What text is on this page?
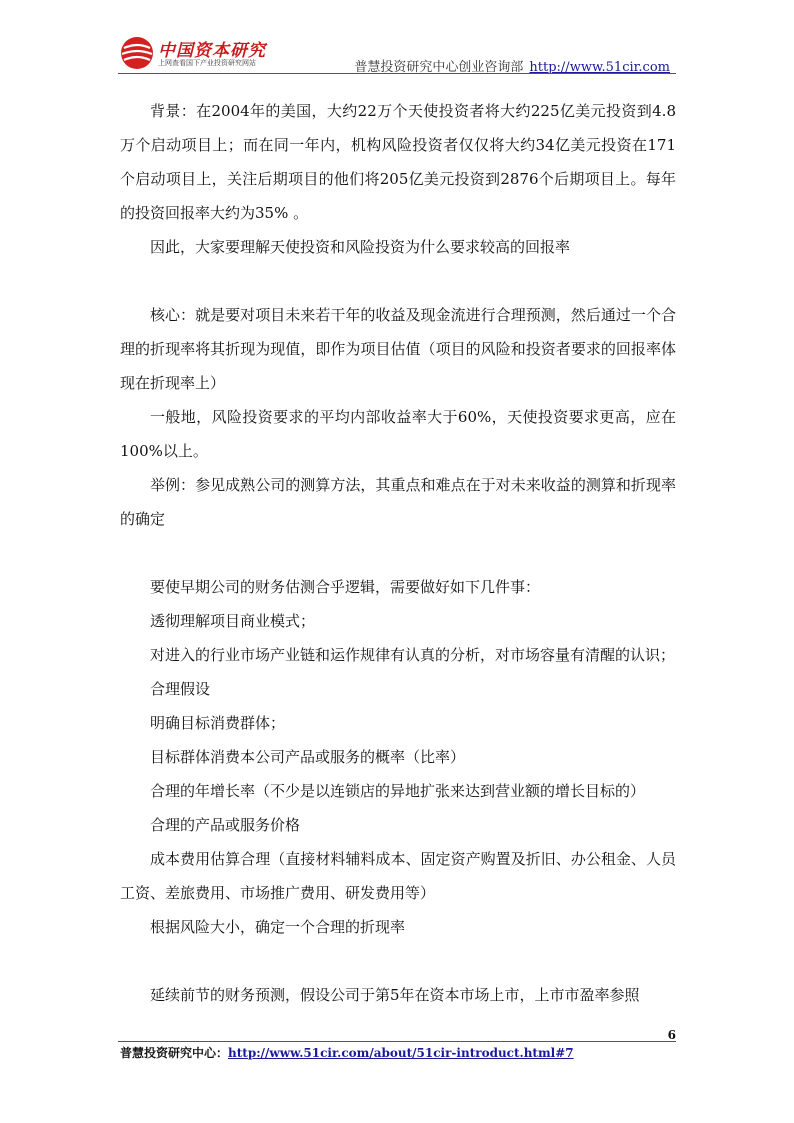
中国资本研究
上网查看国下产业投资研究网站	普慧投资研究中心创业咨询部 http://www.51cir.com

背景：在2004年的美国，大约22万个天使投资者将大约225亿美元投资到4.8万个启动项目上；而在同一年内，机构风险投资者仅仅将大约34亿美元投资在171个启动项目上，关注后期项目的他们将205亿美元投资到2876个后期项目上。每年的投资回报率大约为35% 。

因此，大家要理解天使投资和风险投资为什么要求较高的回报率

核心：就是要对项目未来若干年的收益及现金流进行合理预测，然后通过一个合理的折现率将其折现为现值，即作为项目估值（项目的风险和投资者要求的回报率体现在折现率上）

一般地，风险投资要求的平均内部收益率大于60%，天使投资要求更高，应在100%以上。

举例：参见成熟公司的测算方法，其重点和难点在于对未来收益的测算和折现率的确定

要使早期公司的财务估测合乎逻辑，需要做好如下几件事：

透彻理解项目商业模式；

对进入的行业市场产业链和运作规律有认真的分析，对市场容量有清醒的认识；

合理假设

明确目标消费群体；

目标群体消费本公司产品或服务的概率（比率）

合理的年增长率（不少是以连锁店的异地扩张来达到营业额的增长目标的）

合理的产品或服务价格

成本费用估算合理（直接材料辅料成本、固定资产购置及折旧、办公租金、人员工资、差旅费用、市场推广费用、研发费用等）

根据风险大小，确定一个合理的折现率

延续前节的财务预测，假设公司于第5年在资本市场上市，上市市盈率参照

6
普慧投资研究中心：http://www.51cir.com/about/51cir-introduct.html#7
